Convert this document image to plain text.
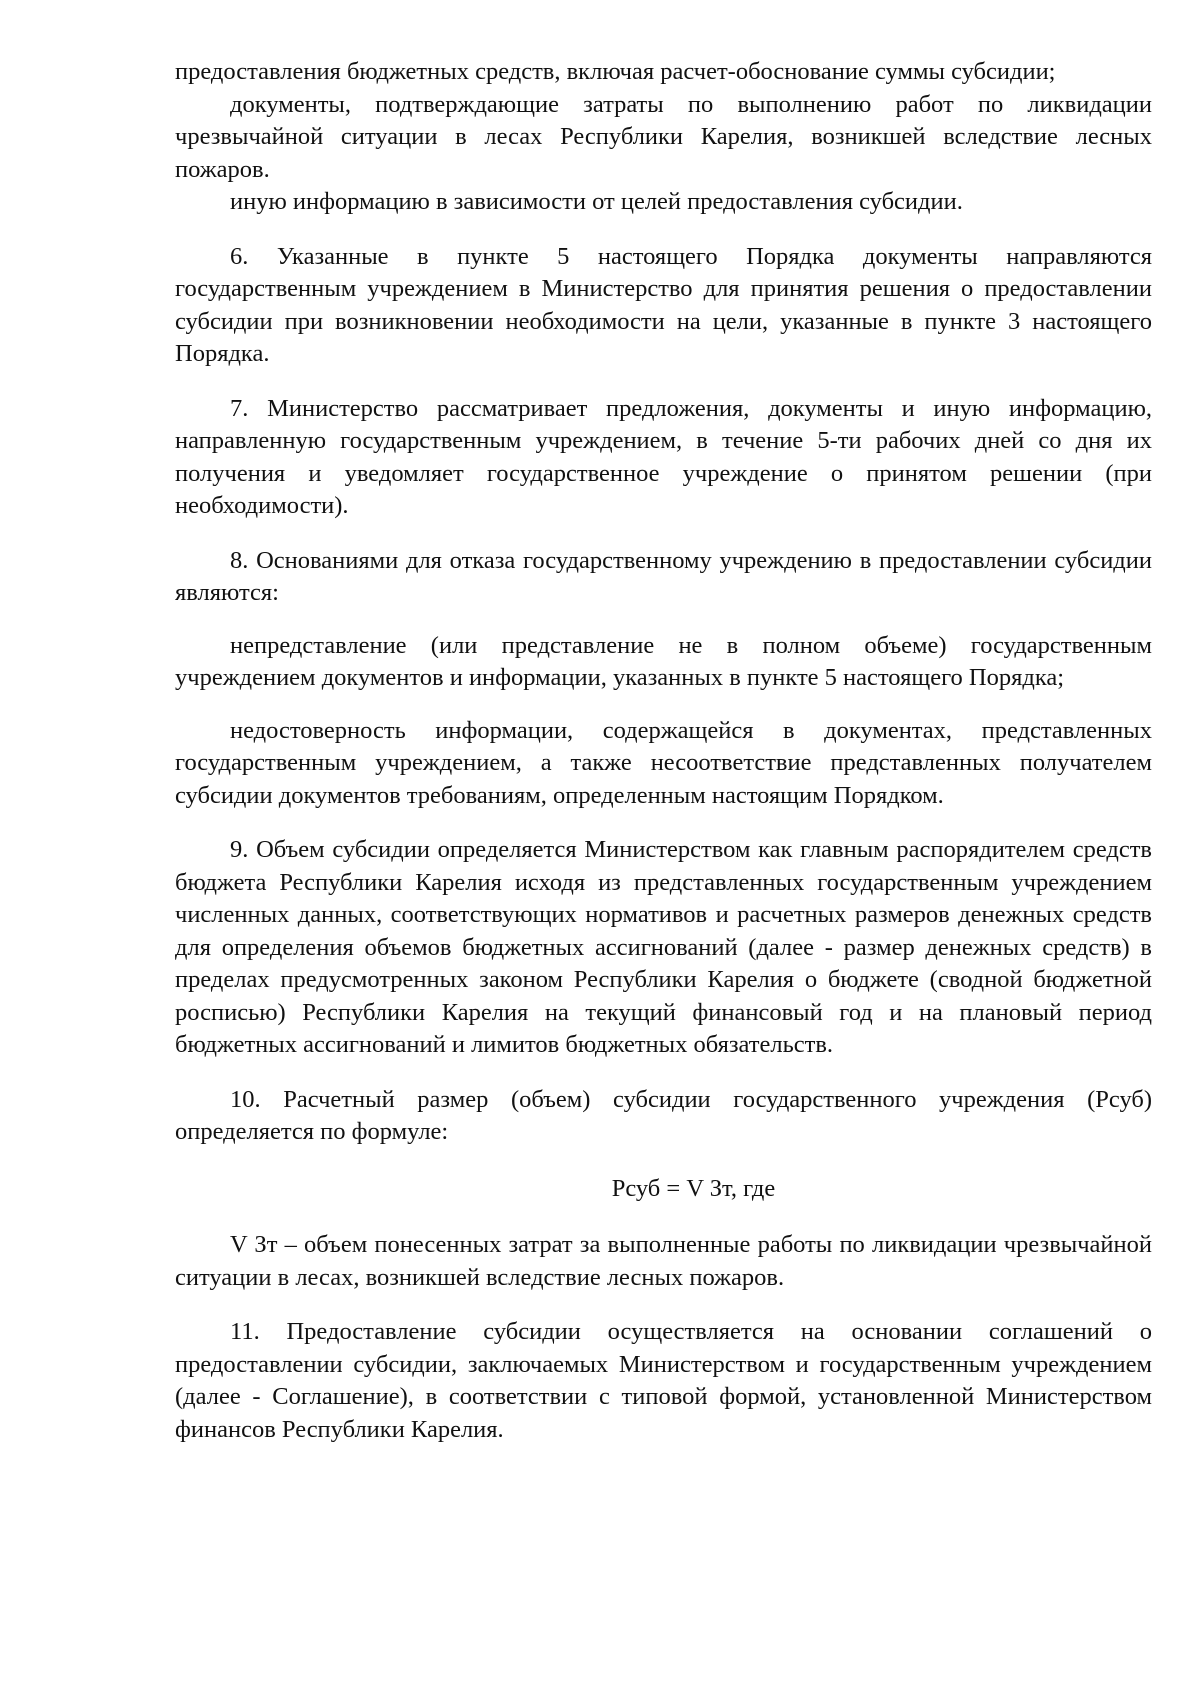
предоставления бюджетных средств, включая расчет-обоснование суммы субсидии;

документы, подтверждающие затраты по выполнению работ по ликвидации чрезвычайной ситуации в лесах Республики Карелия, возникшей вследствие лесных пожаров.

иную информацию в зависимости от целей предоставления субсидии.

6. Указанные в пункте 5 настоящего Порядка документы направляются государственным учреждением в Министерство для принятия решения о предоставлении субсидии при возникновении необходимости на цели, указанные в пункте 3 настоящего Порядка.

7. Министерство рассматривает предложения, документы и иную информацию, направленную государственным учреждением, в течение 5-ти рабочих дней со дня их получения и уведомляет государственное учреждение о принятом решении (при необходимости).

8. Основаниями для отказа государственному учреждению в предоставлении субсидии являются:

непредставление (или представление не в полном объеме) государственным учреждением документов и информации, указанных в пункте 5 настоящего Порядка;

недостоверность информации, содержащейся в документах, представленных государственным учреждением, а также несоответствие представленных получателем субсидии документов требованиям, определенным настоящим Порядком.

9. Объем субсидии определяется Министерством как главным распорядителем средств бюджета Республики Карелия исходя из представленных государственным учреждением численных данных, соответствующих нормативов и расчетных размеров денежных средств для определения объемов бюджетных ассигнований (далее - размер денежных средств) в пределах предусмотренных законом Республики Карелия о бюджете (сводной бюджетной росписью) Республики Карелия на текущий финансовый год и на плановый период бюджетных ассигнований и лимитов бюджетных обязательств.

10. Расчетный размер (объем) субсидии государственного учреждения (Рсуб) определяется по формуле:

Рсуб = V Зт, где

V Зт – объем понесенных затрат за выполненные работы по ликвидации чрезвычайной ситуации в лесах, возникшей вследствие лесных пожаров.

11. Предоставление субсидии осуществляется на основании соглашений о предоставлении субсидии, заключаемых Министерством и государственным учреждением (далее - Соглашение), в соответствии с типовой формой, установленной Министерством финансов Республики Карелия.
